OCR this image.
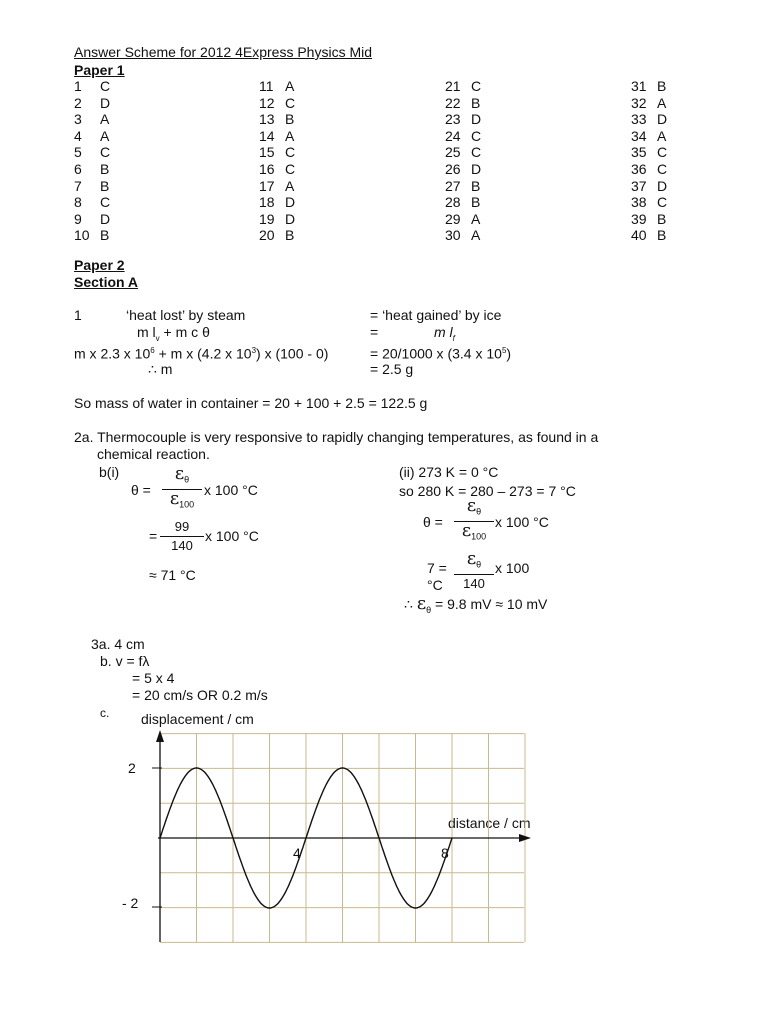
Answer Scheme for 2012 4Express Physics Mid
Paper 1
1 C
2 D
3 A
4 A
5 C
6 B
7 B
8 C
9 D
10 B
11 A
12 C
13 B
14 A
15 C
16 C
17 A
18 D
19 D
20 B
21 C
22 B
23 D
24 C
25 C
26 D
27 B
28 B
29 A
30 A
31 B
32 A
33 D
34 A
35 C
36 C
37 D
38 C
39 B
40 B
Paper 2
Section A
1	‘heat lost’ by steam	= ‘heat gained’ by ice
m $l_v + m$ c θ	=	m $l_f$
m x 2.3 x $10^6 + m$ x (4.2 x $10^3$) x (100 - 0)	= 20/1000 x (3.4 x $10^5$)
∴ m	= 2.5 g
So mass of water in container = 20 + 100 + 2.5 = 122.5 g
2a. Thermocouple is very responsive to rapidly changing temperatures, as found in a
chemical reaction.
b(i)
θ =
$\varepsilon_\theta$
$\varepsilon_{100}$
x 100 °C
=
99
140
x 100 °C
≈ 71 °C
(ii) 273 K = 0 °C
so 280 K = 280 – 273 = 7 °C
θ =
$\varepsilon_\theta$
$\varepsilon_{100}$
x 100 °C
$7 = \varepsilon_\theta$
140
x 100
°C
∴ $\varepsilon_\theta = 9.8$ mV ≈ 10 mV
3a. 4 cm
b. v = fλ
= 5 x 4
= 20 cm/s OR 0.2 m/s
c. displacement / cm
distance / cm
2
- 2
4	8
